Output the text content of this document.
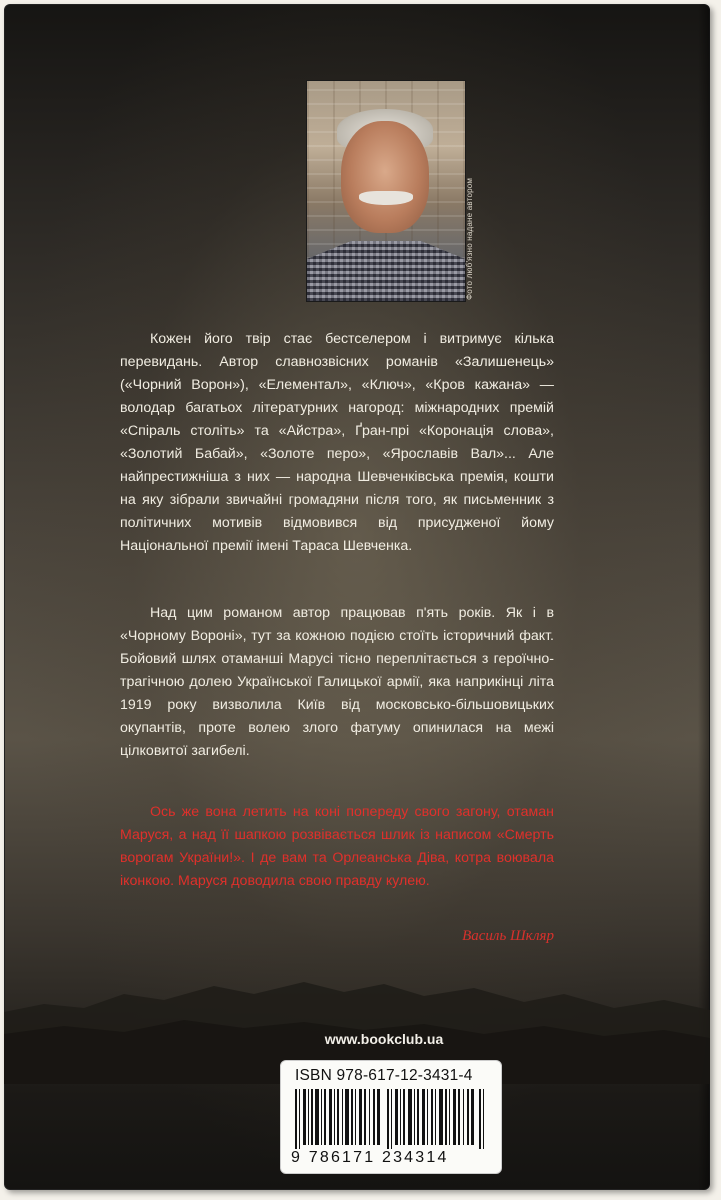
Фото люб'язно надане автором

Кожен його твір стає бестселером і витримує кілька перевидань. Автор славнозвісних романів «Залишенець» («Чорний Ворон»), «Елементал», «Ключ», «Кров кажана» — володар багатьох літературних нагород: міжнародних премій «Спіраль століть» та «Айстра», Ґран-прі «Коронація слова», «Золотий Бабай», «Золоте перо», «Ярославів Вал»... Але найпрестижніша з них — народна Шевченківська премія, кошти на яку зібрали звичайні громадяни після того, як письменник з політичних мотивів відмовився від присудженої йому Національної премії імені Тараса Шевченка.

Над цим романом автор працював п'ять років. Як і в «Чорному Вороні», тут за кожною подією стоїть історичний факт. Бойовий шлях отаманші Марусі тісно переплітається з героїчно-трагічною долею Української Галицької армії, яка наприкінці літа 1919 року визволила Київ від московсько-більшовицьких окупантів, проте волею злого фатуму опинилася на межі цілковитої загибелі.

Ось же вона летить на коні попереду свого загону, отаман Маруся, а над її шапкою розвівається шлик із написом «Смерть ворогам України!». І де вам та Орлеанська Діва, котра воювала іконкою. Маруся доводила свою правду кулею.

Василь Шкляр
www.bookclub.ua
ISBN 978-617-12-3431-4
9 786171 234314
